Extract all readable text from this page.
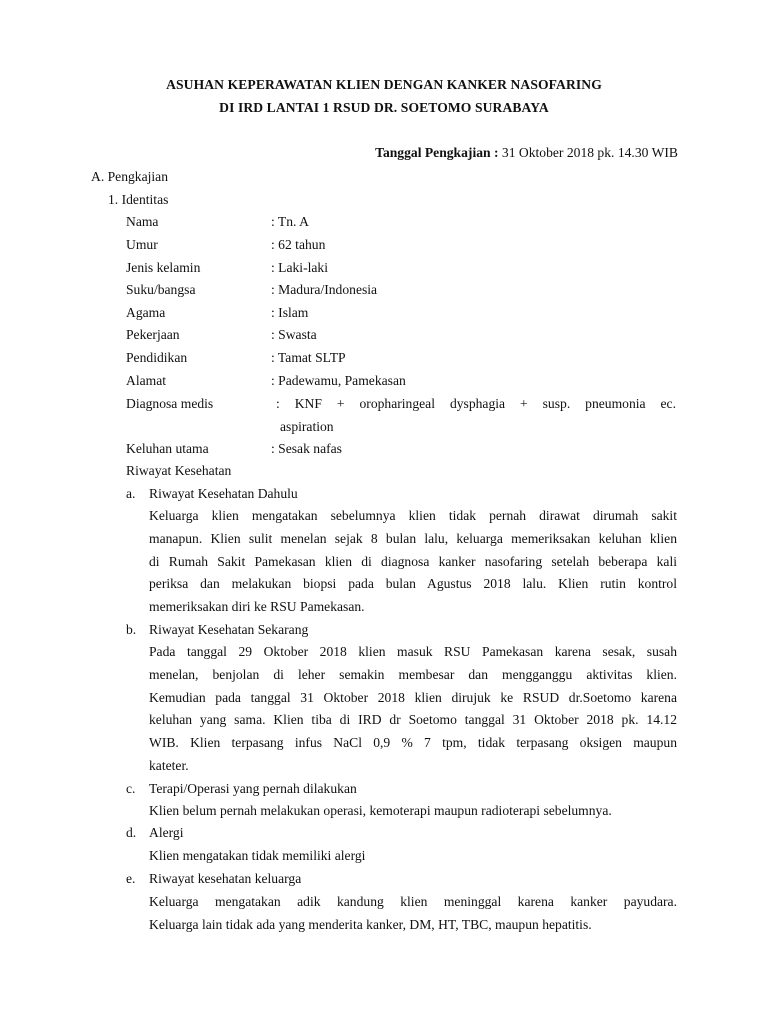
ASUHAN KEPERAWATAN KLIEN DENGAN KANKER NASOFARING
DI IRD LANTAI 1 RSUD DR. SOETOMO SURABAYA
Tanggal Pengkajian : 31 Oktober 2018 pk. 14.30 WIB
A. Pengkajian
1. Identitas
Nama	: Tn. A
Umur	: 62 tahun
Jenis kelamin	: Laki-laki
Suku/bangsa	: Madura/Indonesia
Agama	: Islam
Pekerjaan	: Swasta
Pendidikan	: Tamat SLTP
Alamat	: Padewamu, Pamekasan
Diagnosa medis	: KNF + oropharingeal dysphagia + susp. pneumonia ec.
aspiration
Keluhan utama	: Sesak nafas
Riwayat Kesehatan
a. Riwayat Kesehatan Dahulu
Keluarga klien mengatakan sebelumnya klien tidak pernah dirawat dirumah sakit
manapun. Klien sulit menelan sejak 8 bulan lalu, keluarga memeriksakan keluhan klien
di Rumah Sakit Pamekasan klien di diagnosa kanker nasofaring setelah beberapa kali
periksa dan melakukan biopsi pada bulan Agustus 2018 lalu. Klien rutin kontrol
memeriksakan diri ke RSU Pamekasan.
b. Riwayat Kesehatan Sekarang
Pada tanggal 29 Oktober 2018 klien masuk RSU Pamekasan karena sesak, susah
menelan, benjolan di leher semakin membesar dan mengganggu aktivitas klien.
Kemudian pada tanggal 31 Oktober 2018 klien dirujuk ke RSUD dr.Soetomo karena
keluhan yang sama. Klien tiba di IRD dr Soetomo tanggal 31 Oktober 2018 pk. 14.12
WIB. Klien terpasang infus NaCl 0,9 % 7 tpm, tidak terpasang oksigen maupun
kateter.
c. Terapi/Operasi yang pernah dilakukan
Klien belum pernah melakukan operasi, kemoterapi maupun radioterapi sebelumnya.
d. Alergi
Klien mengatakan tidak memiliki alergi
e. Riwayat kesehatan keluarga
Keluarga mengatakan adik kandung klien meninggal karena kanker payudara.
Keluarga lain tidak ada yang menderita kanker, DM, HT, TBC, maupun hepatitis.
